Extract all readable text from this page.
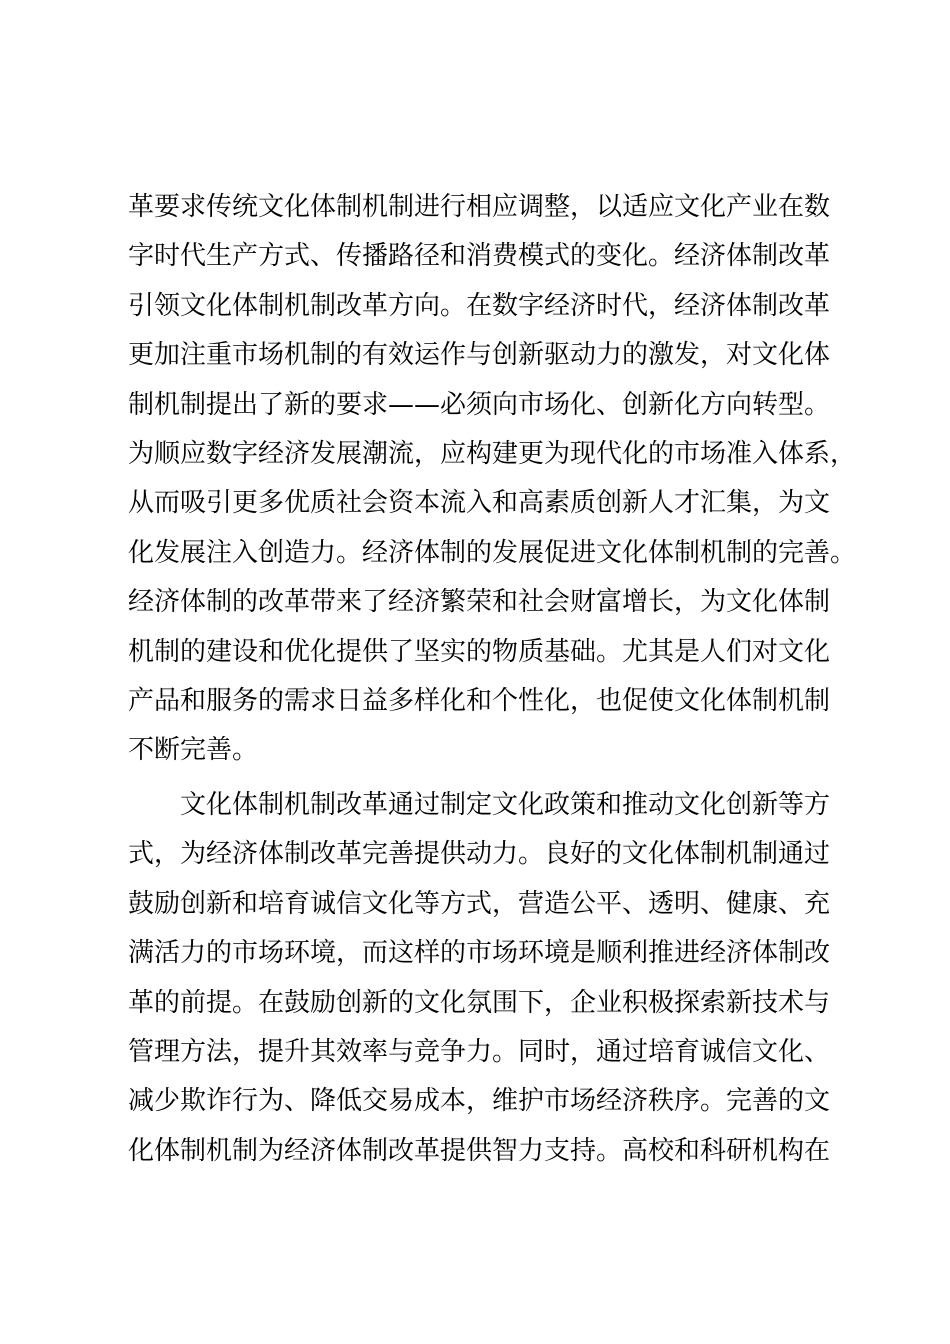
革要求传统文化体制机制进行相应调整，以适应文化产业在数
字时代生产方式、传播路径和消费模式的变化。经济体制改革
引领文化体制机制改革方向。在数字经济时代，经济体制改革
更加注重市场机制的有效运作与创新驱动力的激发，对文化体
制机制提出了新的要求——必须向市场化、创新化方向转型。
为顺应数字经济发展潮流，应构建更为现代化的市场准入体系，
从而吸引更多优质社会资本流入和高素质创新人才汇集，为文
化发展注入创造力。经济体制的发展促进文化体制机制的完善。
经济体制的改革带来了经济繁荣和社会财富增长，为文化体制
机制的建设和优化提供了坚实的物质基础。尤其是人们对文化
产品和服务的需求日益多样化和个性化，也促使文化体制机制
不断完善。
文化体制机制改革通过制定文化政策和推动文化创新等方
式，为经济体制改革完善提供动力。良好的文化体制机制通过
鼓励创新和培育诚信文化等方式，营造公平、透明、健康、充
满活力的市场环境，而这样的市场环境是顺利推进经济体制改
革的前提。在鼓励创新的文化氛围下，企业积极探索新技术与
管理方法，提升其效率与竞争力。同时，通过培育诚信文化、
减少欺诈行为、降低交易成本，维护市场经济秩序。完善的文
化体制机制为经济体制改革提供智力支持。高校和科研机构在
